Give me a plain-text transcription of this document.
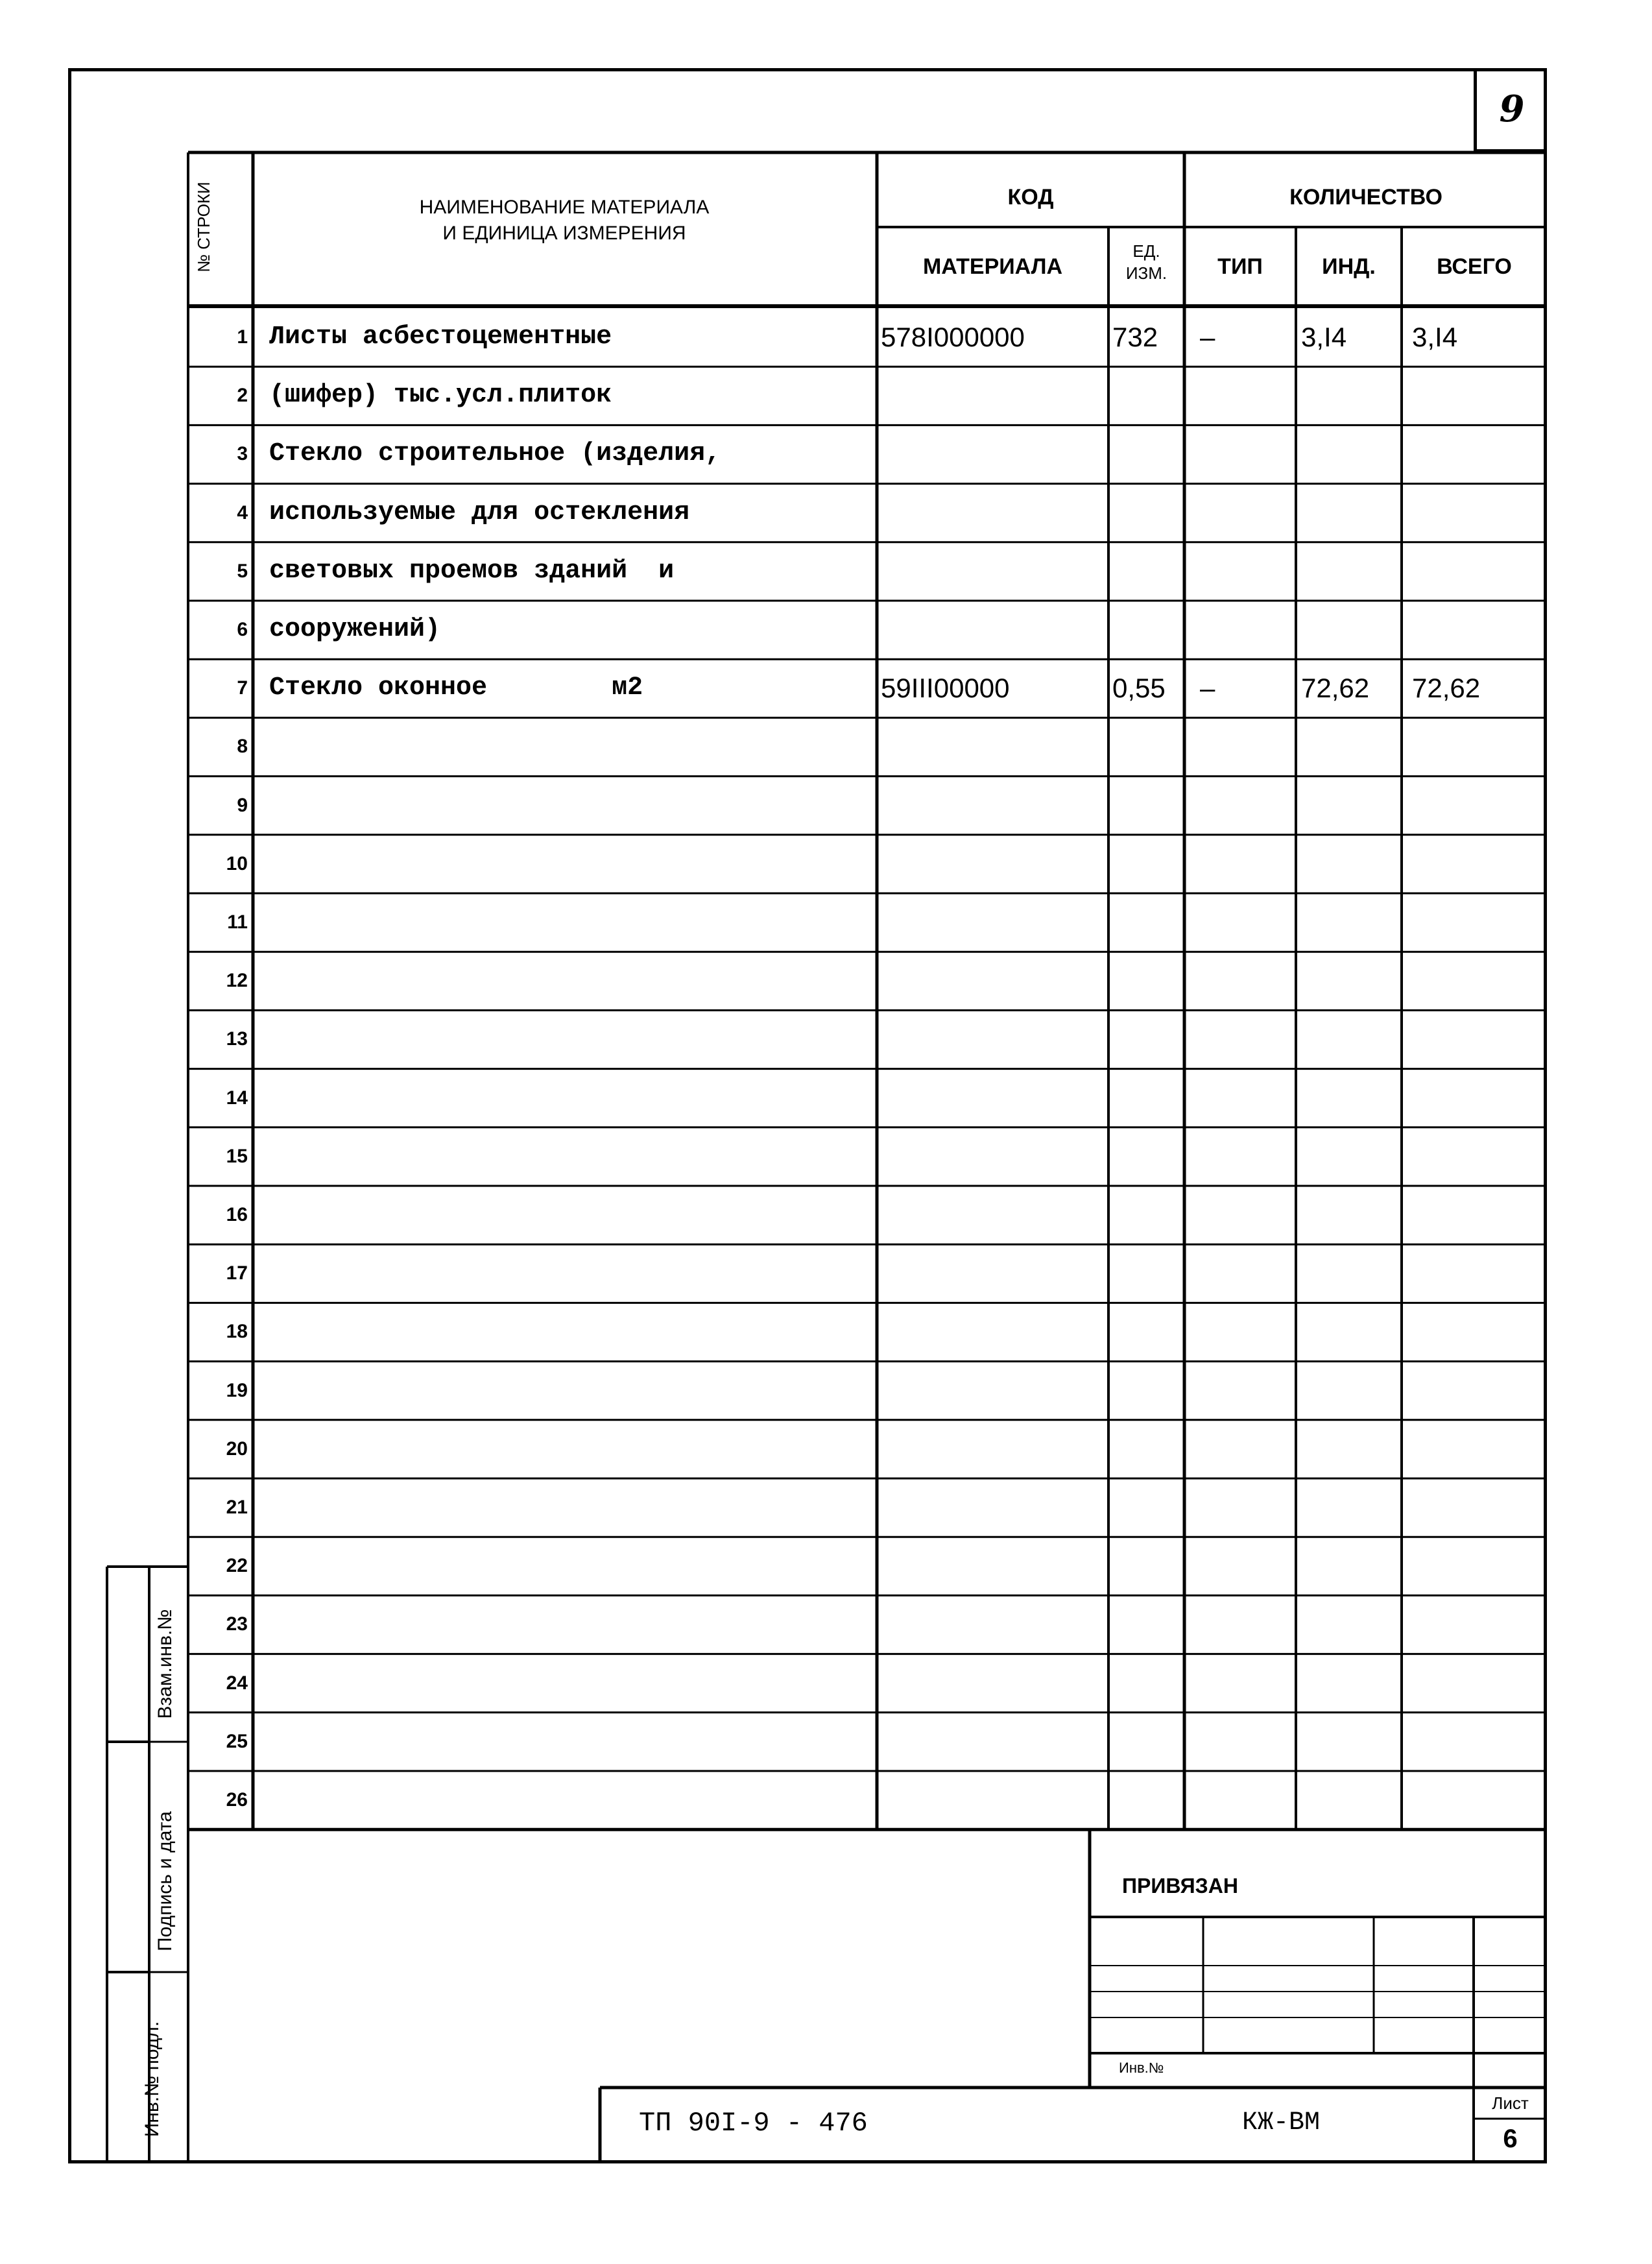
9
№ СТРОКИ	НАИМЕНОВАНИЕ МАТЕРИАЛА
И ЕДИНИЦА ИЗМЕРЕНИЯ
КОД
МАТЕРИАЛА
ЕД.
ИЗМ.
КОЛИЧЕСТВО
ТИП	ИНД.	ВСЕГО
1 Листы асбестоцементные	578I000000	732	–	3,I4	3,I4
2 (шифер) тыс.усл.плиток
3 Стекло строительное (изделия,
4 используемые для остекления
5 световых проемов зданий  и
6 сооружений)
7 Стекло оконное        м2	59III00000	0,55	–	72,62	72,62
8
9
10
11
12
13
14
15
16
17
18
19
20
21
22
23
24
25
26
Взам.инв.№
Подпись и дата
Инв.№ подл.
ПРИВЯЗАН
Инв.№
ТП 90I-9 - 476	КЖ-ВМ
Лист
6
